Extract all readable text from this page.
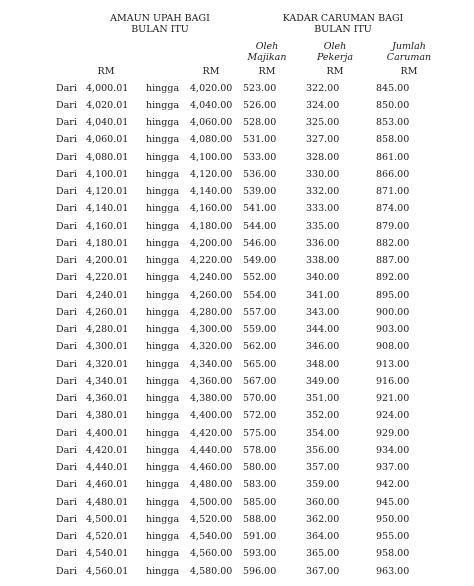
AMAUN UPAH BAGI
BULAN ITU
KADAR CARUMAN BAGI
BULAN ITU
Oleh
Majikan
Oleh
Pekerja
Jumlah
Caruman
RM	RM	RM	RM	RM
Dari 4,000.01 hingga 4,020.00 523.00	322.00	845.00
Dari 4,020.01 hingga 4,040.00 526.00	324.00	850.00
Dari 4,040.01 hingga 4,060.00 528.00	325.00	853.00
Dari 4,060.01 hingga 4,080.00 531.00	327.00	858.00
Dari 4,080.01 hingga 4,100.00 533.00	328.00	861.00
Dari 4,100.01 hingga 4,120.00 536.00	330.00	866.00
Dari 4,120.01 hingga 4,140.00 539.00	332.00	871.00
Dari 4,140.01 hingga 4,160.00 541.00	333.00	874.00
Dari 4,160.01 hingga 4,180.00 544.00	335.00	879.00
Dari 4,180.01 hingga 4,200.00 546.00	336.00	882.00
Dari 4,200.01 hingga 4,220.00 549.00	338.00	887.00
Dari 4,220.01 hingga 4,240.00 552.00	340.00	892.00
Dari 4,240.01 hingga 4,260.00 554.00	341.00	895.00
Dari 4,260.01 hingga 4,280.00 557.00	343.00	900.00
Dari 4,280.01 hingga 4,300.00 559.00	344.00	903.00
Dari 4,300.01 hingga 4,320.00 562.00	346.00	908.00
Dari 4,320.01 hingga 4,340.00 565.00	348.00	913.00
Dari 4,340.01 hingga 4,360.00 567.00	349.00	916.00
Dari 4,360.01 hingga 4,380.00 570.00	351.00	921.00
Dari 4,380.01 hingga 4,400.00 572.00	352.00	924.00
Dari 4,400.01 hingga 4,420.00 575.00	354.00	929.00
Dari 4,420.01 hingga 4,440.00 578.00	356.00	934.00
Dari 4,440.01 hingga 4,460.00 580.00	357.00	937.00
Dari 4,460.01 hingga 4,480.00 583.00	359.00	942.00
Dari 4,480.01 hingga 4,500.00 585.00	360.00	945.00
Dari 4,500.01 hingga 4,520.00 588.00	362.00	950.00
Dari 4,520.01 hingga 4,540.00 591.00	364.00	955.00
Dari 4,540.01 hingga 4,560.00 593.00	365.00	958.00
Dari 4,560.01 hingga 4,580.00 596.00	367.00	963.00
